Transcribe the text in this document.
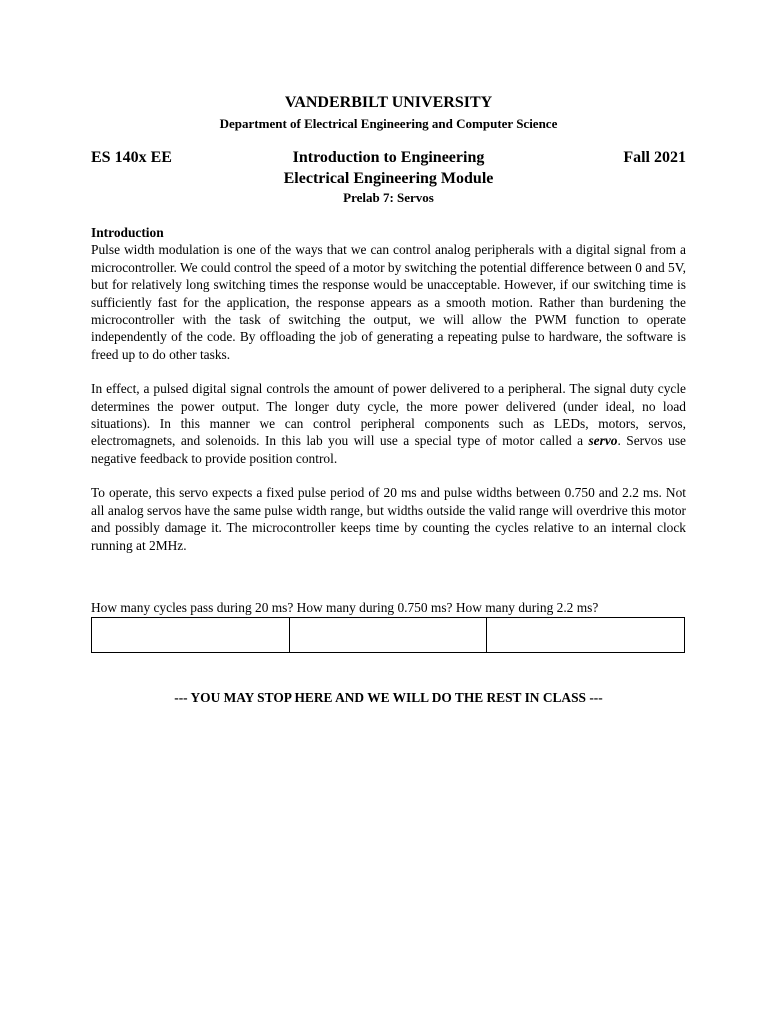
VANDERBILT UNIVERSITY
Department of Electrical Engineering and Computer Science
ES 140x EE	Introduction to Engineering	Fall 2021
Electrical Engineering Module
Prelab 7: Servos

Introduction

Pulse width modulation is one of the ways that we can control analog peripherals with a digital signal from a microcontroller. We could control the speed of a motor by switching the potential difference between 0 and 5V, but for relatively long switching times the response would be unacceptable. However, if our switching time is sufficiently fast for the application, the response appears as a smooth motion. Rather than burdening the microcontroller with the task of switching the output, we will allow the PWM function to operate independently of the code. By offloading the job of generating a repeating pulse to hardware, the software is freed up to do other tasks.

In effect, a pulsed digital signal controls the amount of power delivered to a peripheral. The signal duty cycle determines the power output. The longer duty cycle, the more power delivered (under ideal, no load situations). In this manner we can control peripheral components such as LEDs, motors, servos, electromagnets, and solenoids. In this lab you will use a special type of motor called a servo. Servos use negative feedback to provide position control.

To operate, this servo expects a fixed pulse period of 20 ms and pulse widths between 0.750 and 2.2 ms. Not all analog servos have the same pulse width range, but widths outside the valid range will overdrive this motor and possibly damage it. The microcontroller keeps time by counting the cycles relative to an internal clock running at 2MHz.

How many cycles pass during 20 ms? How many during 0.750 ms? How many during 2.2 ms?

--- YOU MAY STOP HERE AND WE WILL DO THE REST IN CLASS ---
